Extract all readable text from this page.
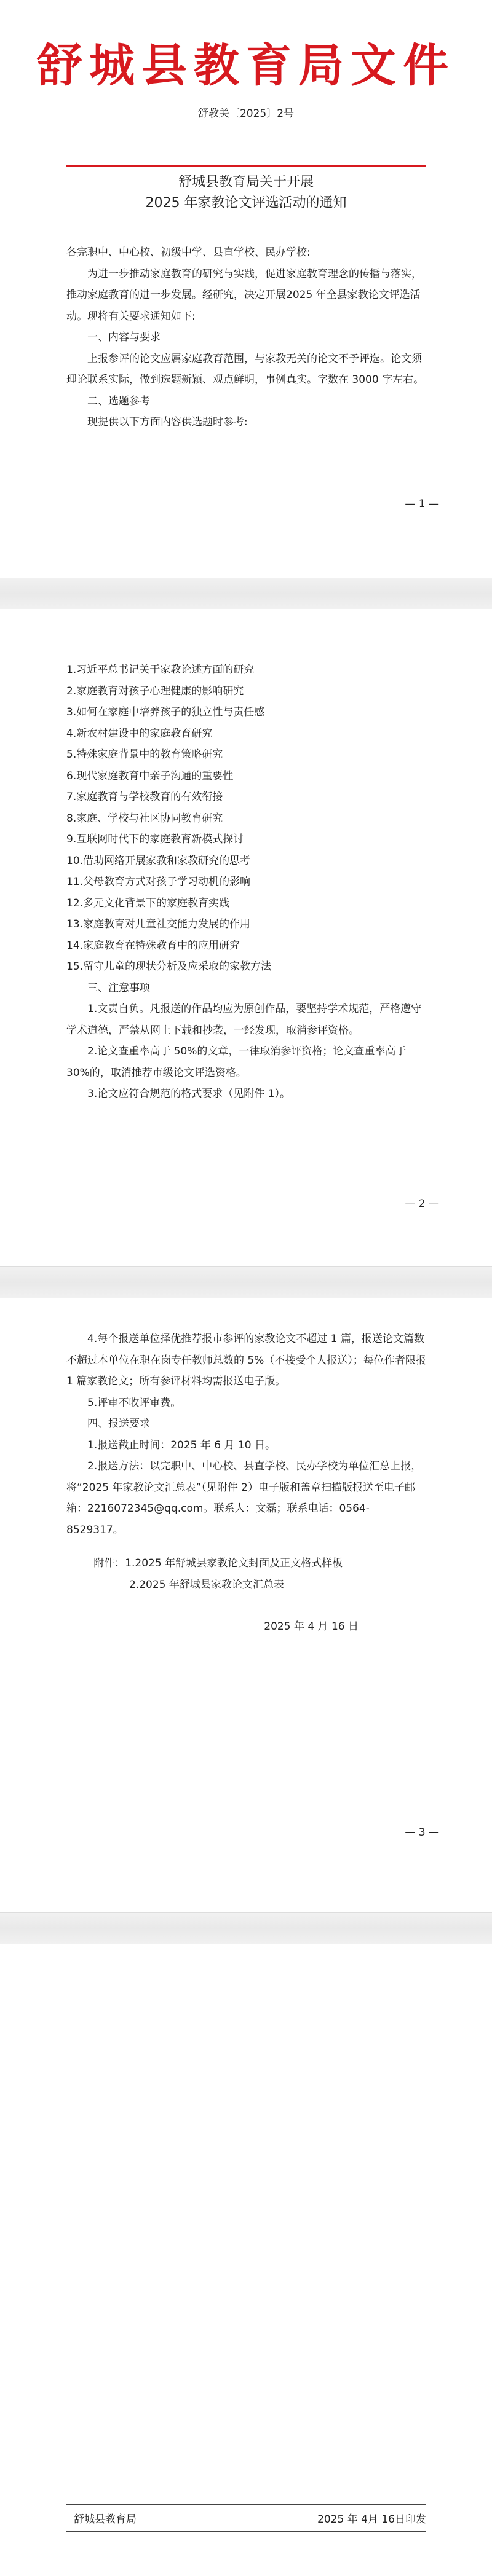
舒城县教育局文件
舒教关〔2025〕2号
舒城县教育局关于开展
2025 年家教论文评选活动的通知

各完职中、中心校、初级中学、县直学校、民办学校:

为进一步推动家庭教育的研究与实践，促进家庭教育理念的传播与落实，推动家庭教育的进一步发展。经研究，决定开展2025 年全县家教论文评选活动。现将有关要求通知如下:

一、内容与要求

上报参评的论文应属家庭教育范围，与家教无关的论文不予评选。论文须理论联系实际，做到选题新颖、观点鲜明，事例真实。字数在 3000 字左右。

二、选题参考

现提供以下方面内容供选题时参考:

— 1 —

1.习近平总书记关于家教论述方面的研究

2.家庭教育对孩子心理健康的影响研究

3.如何在家庭中培养孩子的独立性与责任感

4.新农村建设中的家庭教育研究

5.特殊家庭背景中的教育策略研究

6.现代家庭教育中亲子沟通的重要性

7.家庭教育与学校教育的有效衔接

8.家庭、学校与社区协同教育研究

9.互联网时代下的家庭教育新模式探讨

10.借助网络开展家教和家教研究的思考

11.父母教育方式对孩子学习动机的影响

12.多元文化背景下的家庭教育实践

13.家庭教育对儿童社交能力发展的作用

14.家庭教育在特殊教育中的应用研究

15.留守儿童的现状分析及应采取的家教方法

三、注意事项

1.文责自负。凡报送的作品均应为原创作品，要坚持学术规范，严格遵守学术道德，严禁从网上下载和抄袭，一经发现，取消参评资格。

2.论文查重率高于 50%的文章，一律取消参评资格；论文查重率高于 30%的，取消推荐市级论文评选资格。

3.论文应符合规范的格式要求（见附件 1）。

— 2 —

4.每个报送单位择优推荐报市参评的家教论文不超过 1 篇，报送论文篇数不超过本单位在职在岗专任教师总数的 5%（不接受个人报送）；每位作者限报 1 篇家教论文；所有参评材料均需报送电子版。

5.评审不收评审费。

四、报送要求

1.报送截止时间：2025 年 6 月 10 日。

2.报送方法：以完职中、中心校、县直学校、民办学校为单位汇总上报，将“2025 年家教论文汇总表”（见附件 2）电子版和盖章扫描版报送至电子邮箱：2216072345@qq.com。联系人：文磊；联系电话：0564-8529317。

附件：1.2025 年舒城县家教论文封面及正文格式样板

2.2025 年舒城县家教论文汇总表

2025 年 4 月 16 日

— 3 —
舒城县教育局	2025 年 4月 16日印发
